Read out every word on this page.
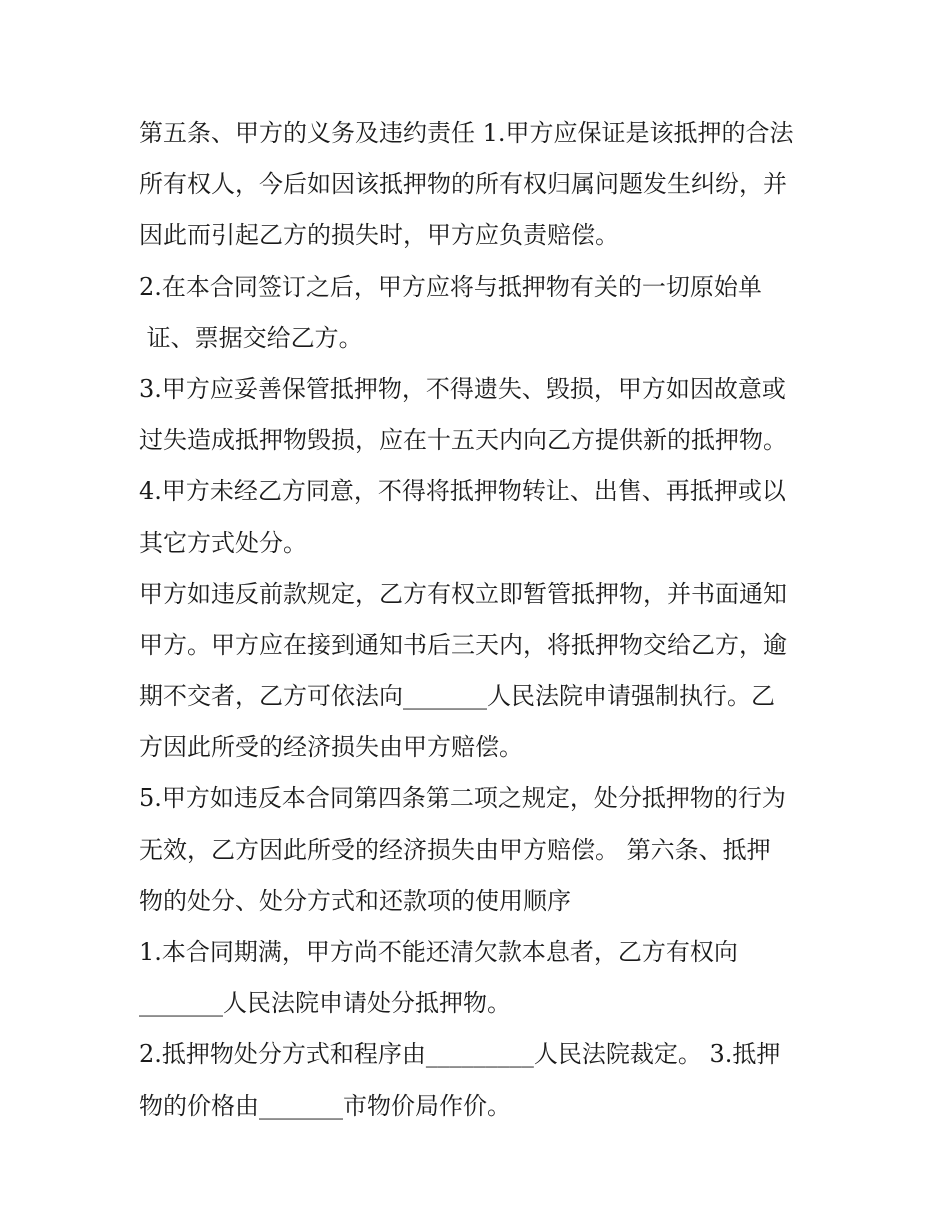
第五条、甲方的义务及违约责任 1.甲方应保证是该抵押的合法
所有权人，今后如因该抵押物的所有权归属问题发生纠纷，并
因此而引起乙方的损失时，甲方应负责赔偿。
2.在本合同签订之后，甲方应将与抵押物有关的一切原始单
证、票据交给乙方。
3.甲方应妥善保管抵押物，不得遗失、毁损，甲方如因故意或
过失造成抵押物毁损，应在十五天内向乙方提供新的抵押物。
4.甲方未经乙方同意，不得将抵押物转让、出售、再抵押或以
其它方式处分。
甲方如违反前款规定，乙方有权立即暂管抵押物，并书面通知
甲方。甲方应在接到通知书后三天内，将抵押物交给乙方，逾
期不交者，乙方可依法向_______人民法院申请强制执行。乙
方因此所受的经济损失由甲方赔偿。
5.甲方如违反本合同第四条第二项之规定，处分抵押物的行为
无效，乙方因此所受的经济损失由甲方赔偿。 第六条、抵押
物的处分、处分方式和还款项的使用顺序
1.本合同期满，甲方尚不能还清欠款本息者，乙方有权向
_______人民法院申请处分抵押物。
2.抵押物处分方式和程序由_________人民法院裁定。 3.抵押
物的价格由_______市物价局作价。
